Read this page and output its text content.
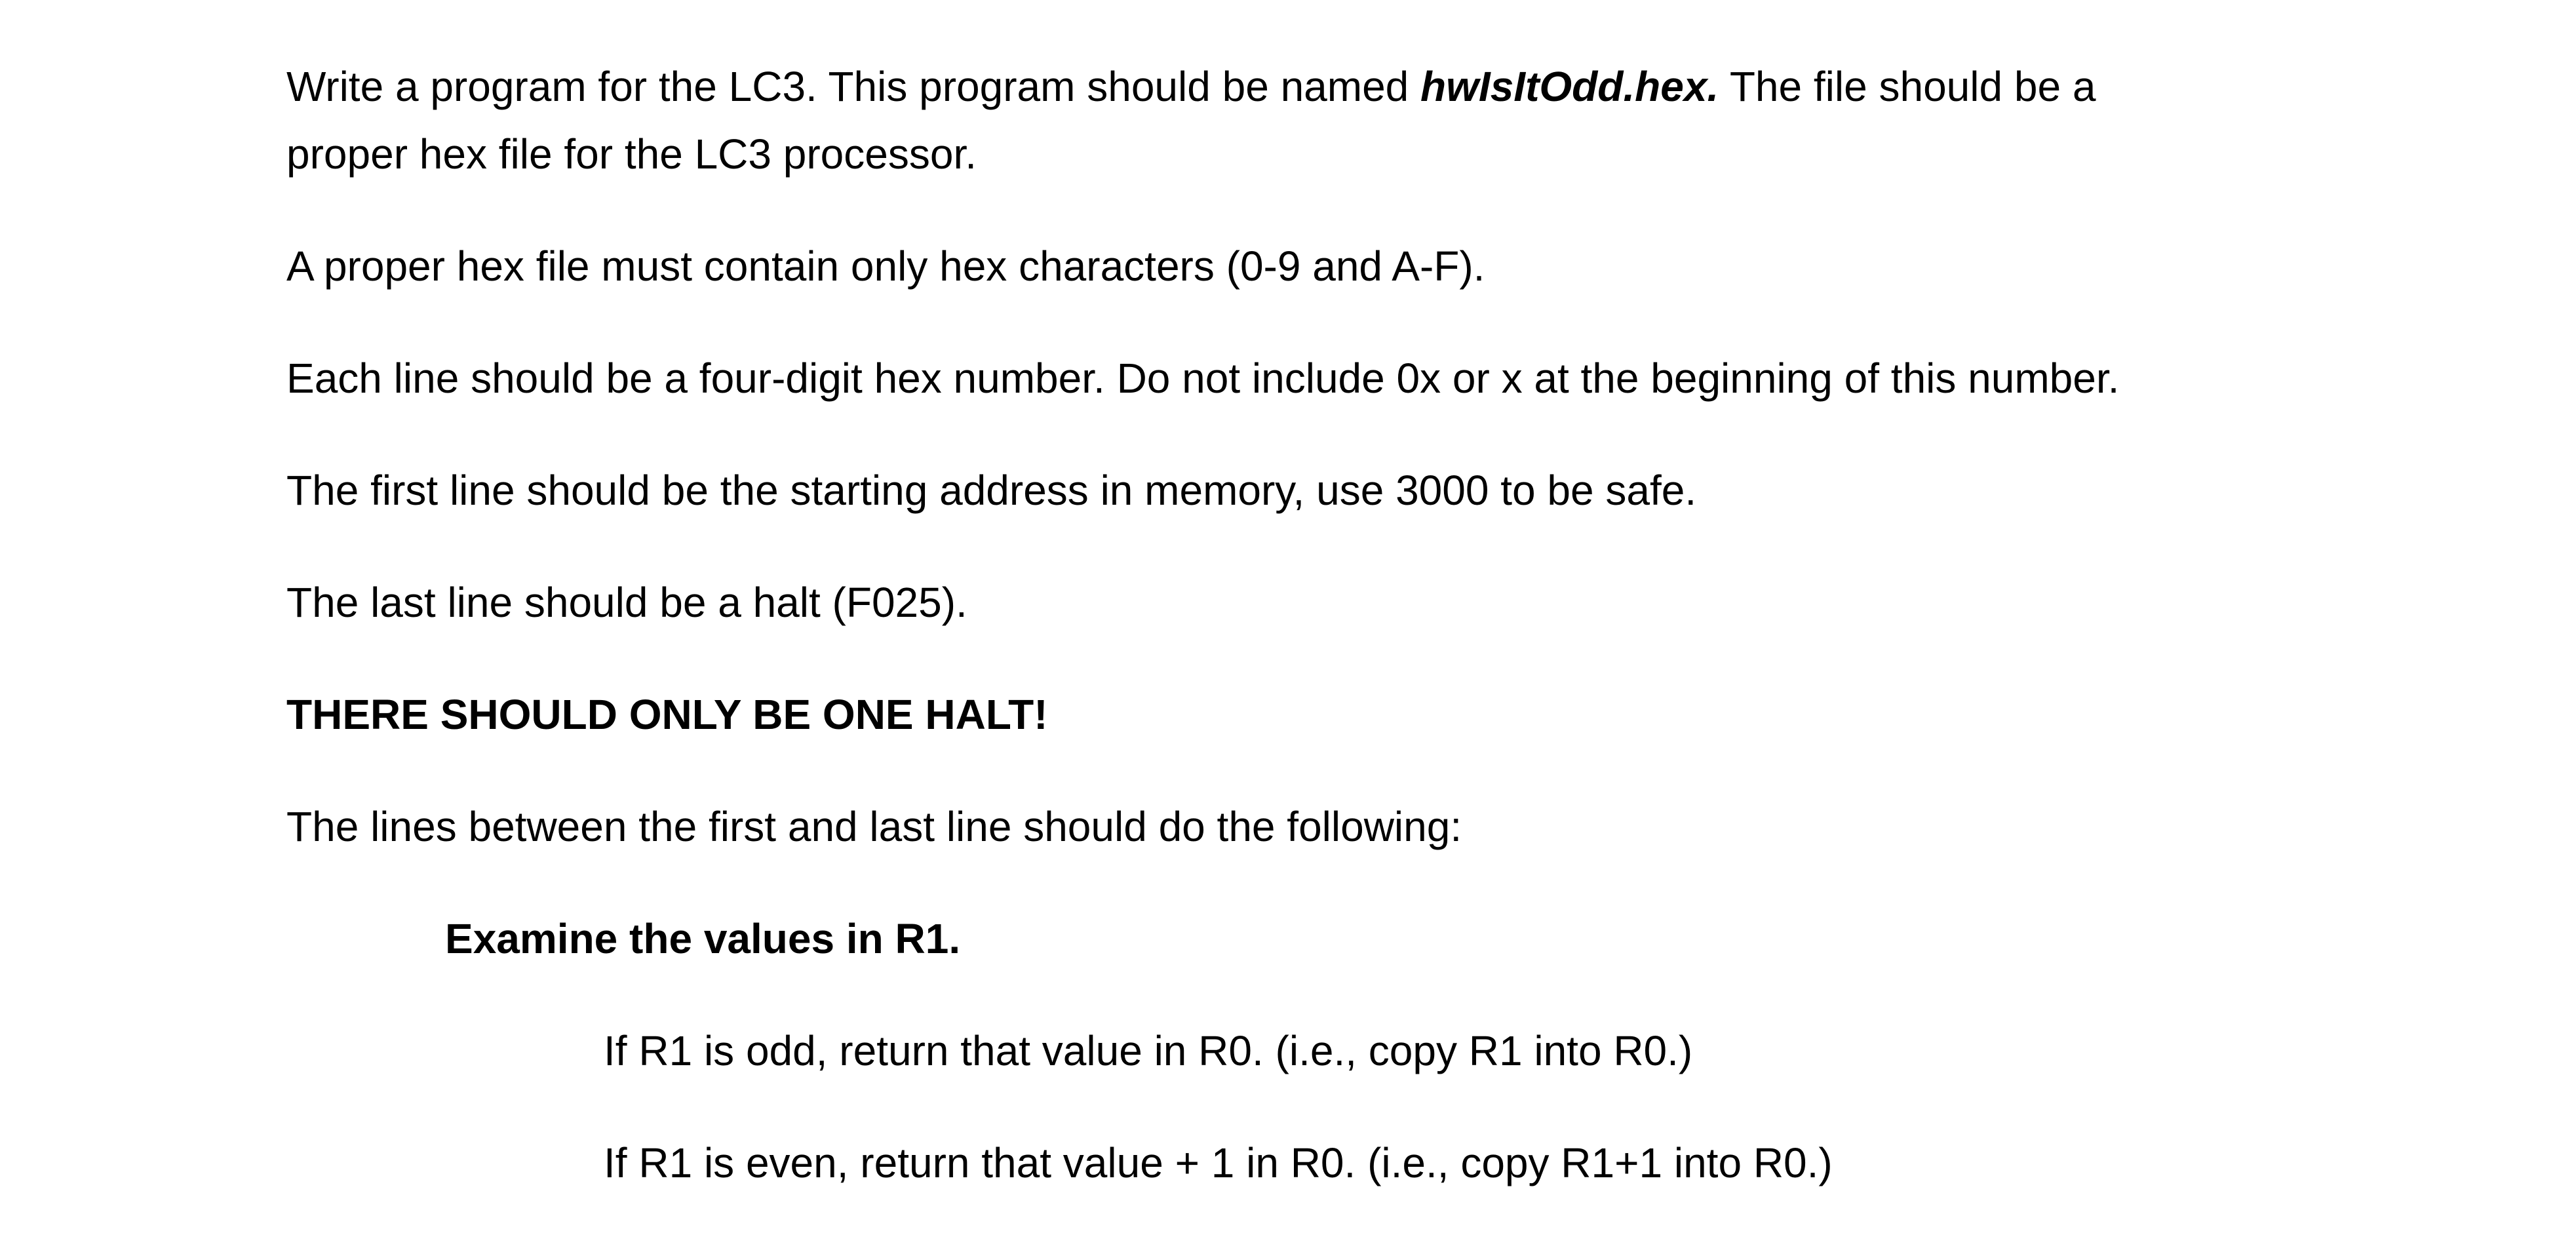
Write a program for the LC3. This program should be named hwIsItOdd.hex. The file should be a
proper hex file for the LC3 processor.
A proper hex file must contain only hex characters (0-9 and A-F).
Each line should be a four-digit hex number. Do not include 0x or x at the beginning of this number.
The first line should be the starting address in memory, use 3000 to be safe.
The last line should be a halt (F025).
THERE SHOULD ONLY BE ONE HALT!
The lines between the first and last line should do the following:
Examine the values in R1.
If R1 is odd, return that value in R0. (i.e., copy R1 into R0.)
If R1 is even, return that value + 1 in R0. (i.e., copy R1+1 into R0.)
